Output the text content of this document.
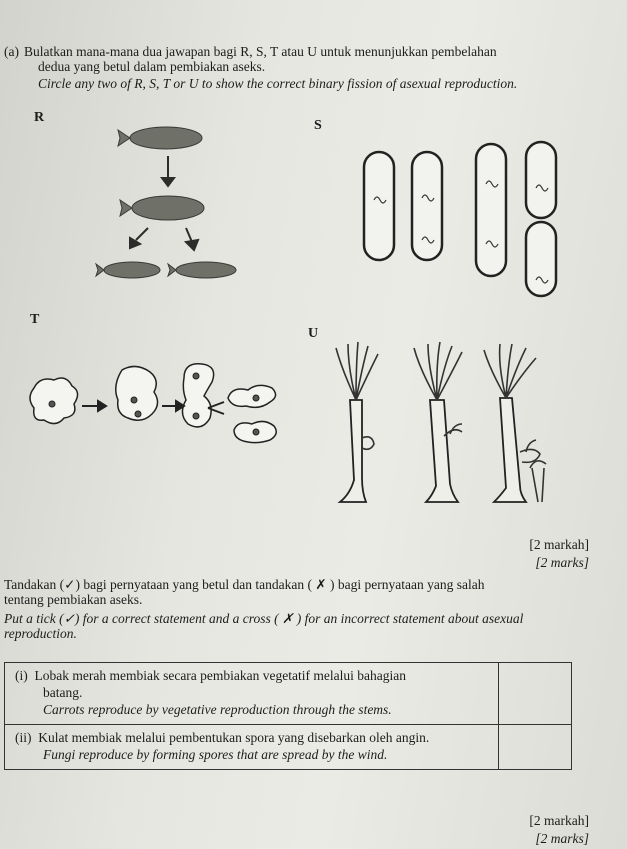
(a) Bulatkan mana-mana dua jawapan bagi R, S, T atau U untuk menunjukkan pembelahan
dedua yang betul dalam pembiakan aseks.
Circle any two of R, S, T or U to show the correct binary fission of asexual reproduction.
R
S
T
U
[2 markah]
[2 marks]
Tandakan (✓) bagi pernyataan yang betul dan tandakan ( ✗ ) bagi pernyataan yang salah
tentang pembiakan aseks.
Put a tick (✓) for a correct statement and a cross ( ✗ ) for an incorrect statement about asexual
reproduction.
(i) Lobak merah membiak secara pembiakan vegetatif melalui bahagian
batang.
Carrots reproduce by vegetative reproduction through the stems.	

(ii) Kulat membiak melalui pembentukan spora yang disebarkan oleh angin.
Fungi reproduce by forming spores that are spread by the wind.	

[2 markah]
[2 marks]
